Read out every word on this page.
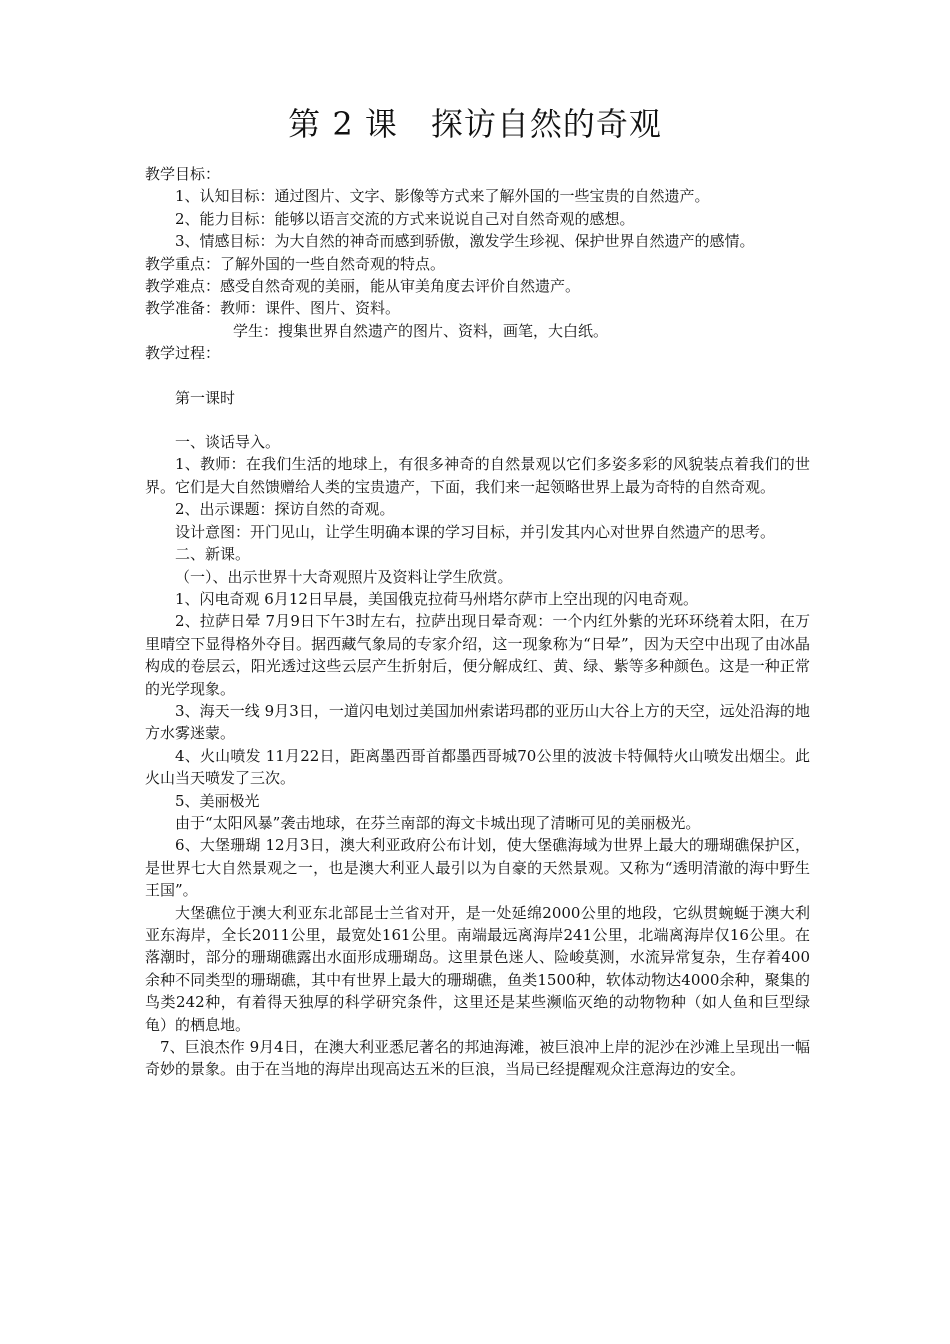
第 2 课　探访自然的奇观

教学目标：

1、认知目标：通过图片、文字、影像等方式来了解外国的一些宝贵的自然遗产。

2、能力目标：能够以语言交流的方式来说说自己对自然奇观的感想。

3、情感目标：为大自然的神奇而感到骄傲，激发学生珍视、保护世界自然遗产的感情。

教学重点：了解外国的一些自然奇观的特点。

教学难点：感受自然奇观的美丽，能从审美角度去评价自然遗产。

教学准备：教师：课件、图片、资料。

学生：搜集世界自然遗产的图片、资料，画笔，大白纸。

教学过程：

第一课时

一、谈话导入。

1、教师：在我们生活的地球上，有很多神奇的自然景观以它们多姿多彩的风貌装点着我们的世界。它们是大自然馈赠给人类的宝贵遗产，下面，我们来一起领略世界上最为奇特的自然奇观。

2、出示课题：探访自然的奇观。

设计意图：开门见山，让学生明确本课的学习目标，并引发其内心对世界自然遗产的思考。

二、新课。

（一）、出示世界十大奇观照片及资料让学生欣赏。

1、闪电奇观 6月12日早晨，美国俄克拉荷马州塔尔萨市上空出现的闪电奇观。

2、拉萨日晕 7月9日下午3时左右，拉萨出现日晕奇观：一个内红外紫的光环环绕着太阳，在万里晴空下显得格外夺目。据西藏气象局的专家介绍，这一现象称为“日晕”，因为天空中出现了由冰晶构成的卷层云，阳光透过这些云层产生折射后，便分解成红、黄、绿、紫等多种颜色。这是一种正常的光学现象。

3、海天一线 9月3日，一道闪电划过美国加州索诺玛郡的亚历山大谷上方的天空，远处沿海的地方水雾迷蒙。

4、火山喷发 11月22日，距离墨西哥首都墨西哥城70公里的波波卡特佩特火山喷发出烟尘。此火山当天喷发了三次。

5、美丽极光

由于“太阳风暴”袭击地球，在芬兰南部的海文卡城出现了清晰可见的美丽极光。

6、大堡珊瑚 12月3日，澳大利亚政府公布计划，使大堡礁海域为世界上最大的珊瑚礁保护区，是世界七大自然景观之一，也是澳大利亚人最引以为自豪的天然景观。又称为“透明清澈的海中野生王国”。

大堡礁位于澳大利亚东北部昆士兰省对开，是一处延绵2000公里的地段，它纵贯蜿蜒于澳大利亚东海岸，全长2011公里，最宽处161公里。南端最远离海岸241公里，北端离海岸仅16公里。在落潮时，部分的珊瑚礁露出水面形成珊瑚岛。这里景色迷人、险峻莫测，水流异常复杂，生存着400余种不同类型的珊瑚礁，其中有世界上最大的珊瑚礁，鱼类1500种，软体动物达4000余种，聚集的鸟类242种，有着得天独厚的科学研究条件，这里还是某些濒临灭绝的动物物种（如人鱼和巨型绿龟）的栖息地。

7、巨浪杰作 9月4日，在澳大利亚悉尼著名的邦迪海滩，被巨浪冲上岸的泥沙在沙滩上呈现出一幅奇妙的景象。由于在当地的海岸出现高达五米的巨浪，当局已经提醒观众注意海边的安全。
